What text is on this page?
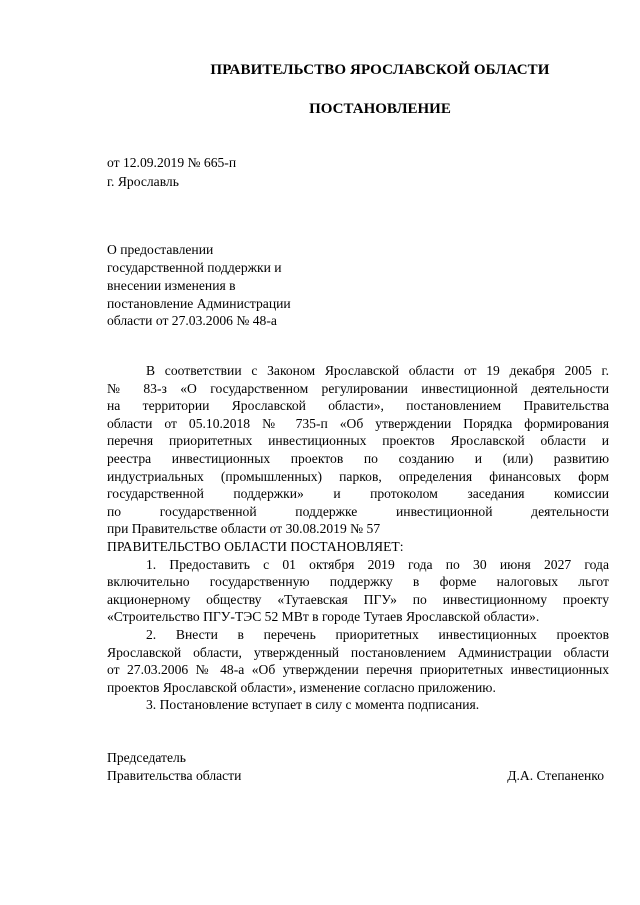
ПРАВИТЕЛЬСТВО ЯРОСЛАВСКОЙ ОБЛАСТИ
ПОСТАНОВЛЕНИЕ
от 12.09.2019 № 665-п
г. Ярославль
О предоставлении
государственной поддержки и
внесении изменения в
постановление Администрации
области от 27.03.2006 № 48-а

В соответствии с Законом Ярославской области от 19 декабря 2005 г.

№ 83-з «О государственном регулировании инвестиционной деятельности

на территории Ярославской области», постановлением Правительства

области от 05.10.2018 № 735-п «Об утверждении Порядка формирования

перечня приоритетных инвестиционных проектов Ярославской области и

реестра инвестиционных проектов по созданию и (или) развитию

индустриальных (промышленных) парков, определения финансовых форм

государственной поддержки» и протоколом заседания комиссии

по государственной поддержке инвестиционной деятельности

при Правительстве области от 30.08.2019 № 57

ПРАВИТЕЛЬСТВО ОБЛАСТИ ПОСТАНОВЛЯЕТ:

1. Предоставить с 01 октября 2019 года по 30 июня 2027 года

включительно государственную поддержку в форме налоговых льгот

акционерному обществу «Тутаевская ПГУ» по инвестиционному проекту

«Строительство ПГУ-ТЭС 52 МВт в городе Тутаев Ярославской области».

2. Внести в перечень приоритетных инвестиционных проектов

Ярославской области, утвержденный постановлением Администрации области

от 27.03.2006 № 48-а «Об утверждении перечня приоритетных инвестиционных

проектов Ярославской области», изменение согласно приложению.

3. Постановление вступает в силу с момента подписания.

Председатель
Правительства области	Д.А. Степаненко
